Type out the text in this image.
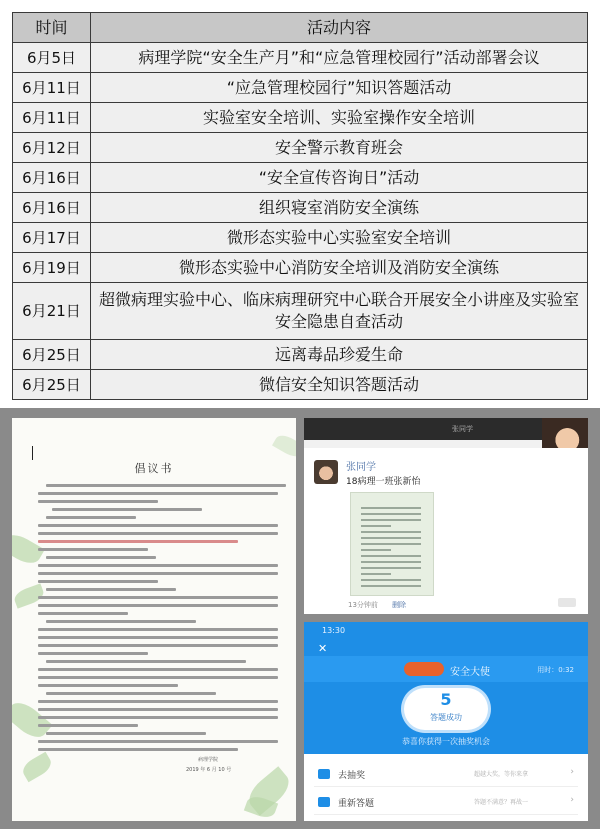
时间	活动内容
6月5日	病理学院“安全生产月”和“应急管理校园行”活动部署会议
6月11日	“应急管理校园行”知识答题活动
6月11日	实验室安全培训、实验室操作安全培训
6月12日	安全警示教育班会
6月16日	“安全宣传咨询日”活动
6月16日	组织寝室消防安全演练
6月17日	微形态实验中心实验室安全培训
6月19日	微形态实验中心消防安全培训及消防安全演练
6月21日	超微病理实验中心、临床病理研究中心联合开展安全小讲座及实验室安全隐患自查活动
6月25日	远离毒品珍爱生命
6月25日	微信安全知识答题活动
倡议书
病理学院
2019 年 6 月 10 号
张同学
张同学
18病理一班张新怡
13分钟前 删除
13:30
✕
安全大使	用时：0:32
5
答题成功
恭喜你获得一次抽奖机会
去抽奖	超越大奖，等你来拿	›
重新答题	答题不满意？再战一	›
